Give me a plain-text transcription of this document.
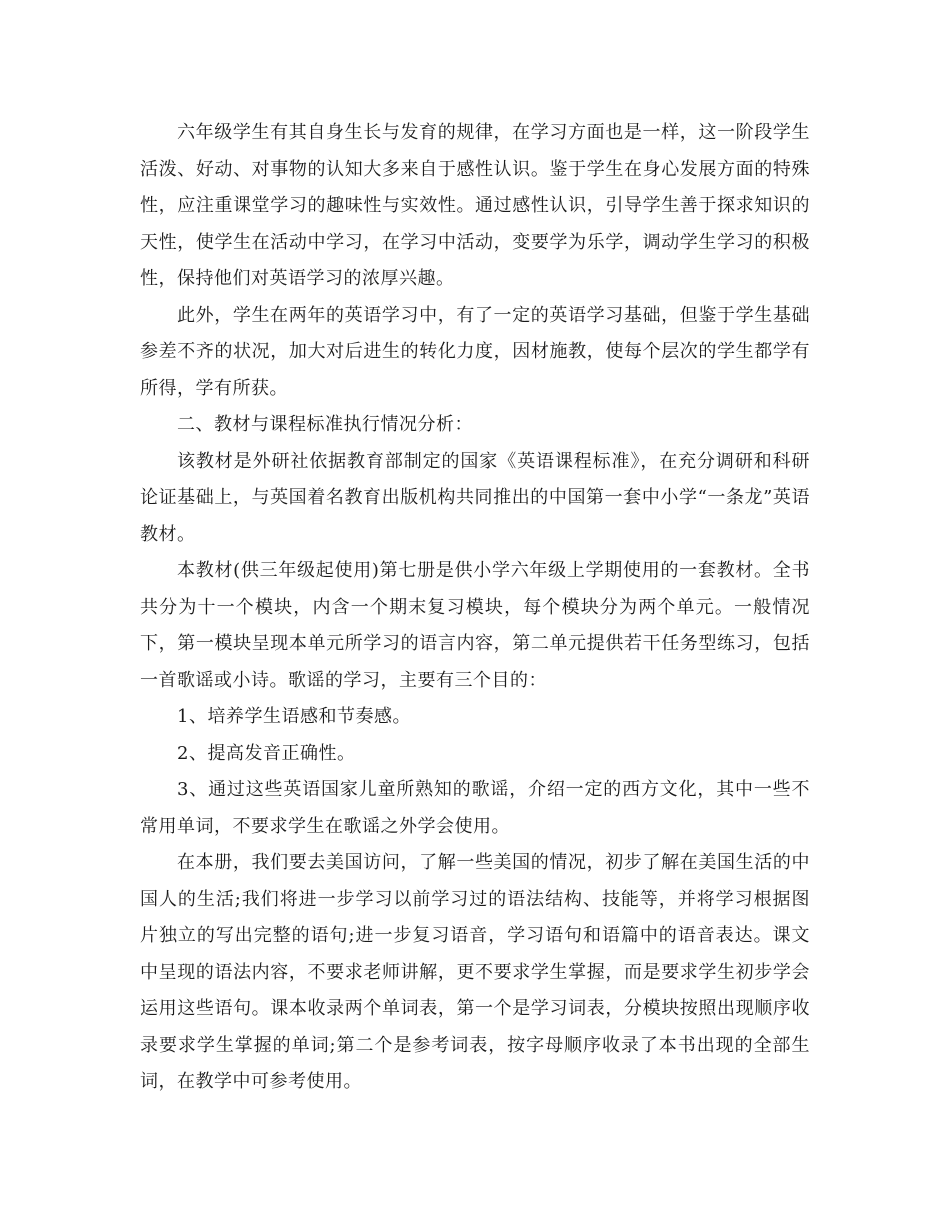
六年级学生有其自身生长与发育的规律，在学习方面也是一样，这一阶段学生活泼、好动、对事物的认知大多来自于感性认识。鉴于学生在身心发展方面的特殊性，应注重课堂学习的趣味性与实效性。通过感性认识，引导学生善于探求知识的天性，使学生在活动中学习，在学习中活动，变要学为乐学，调动学生学习的积极性，保持他们对英语学习的浓厚兴趣。

此外，学生在两年的英语学习中，有了一定的英语学习基础，但鉴于学生基础参差不齐的状况，加大对后进生的转化力度，因材施教，使每个层次的学生都学有所得，学有所获。

二、教材与课程标准执行情况分析：

该教材是外研社依据教育部制定的国家《英语课程标准》，在充分调研和科研论证基础上，与英国着名教育出版机构共同推出的中国第一套中小学“一条龙”英语教材。

本教材(供三年级起使用)第七册是供小学六年级上学期使用的一套教材。全书共分为十一个模块，内含一个期末复习模块，每个模块分为两个单元。一般情况下，第一模块呈现本单元所学习的语言内容，第二单元提供若干任务型练习，包括一首歌谣或小诗。歌谣的学习，主要有三个目的：

1、培养学生语感和节奏感。

2、提高发音正确性。

3、通过这些英语国家儿童所熟知的歌谣，介绍一定的西方文化，其中一些不常用单词，不要求学生在歌谣之外学会使用。

在本册，我们要去美国访问，了解一些美国的情况，初步了解在美国生活的中国人的生活;我们将进一步学习以前学习过的语法结构、技能等，并将学习根据图片独立的写出完整的语句;进一步复习语音，学习语句和语篇中的语音表达。课文中呈现的语法内容，不要求老师讲解，更不要求学生掌握，而是要求学生初步学会运用这些语句。课本收录两个单词表，第一个是学习词表，分模块按照出现顺序收录要求学生掌握的单词;第二个是参考词表，按字母顺序收录了本书出现的全部生词，在教学中可参考使用。
